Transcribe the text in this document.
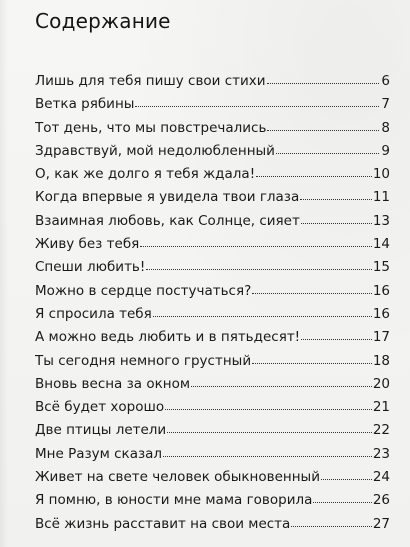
Содержание
Лишь для тебя пишу свои стихи	6
Ветка рябины	7
Тот день, что мы повстречались	8
Здравствуй, мой недолюбленный	9
О, как же долго я тебя ждала!	10
Когда впервые я увидела твои глаза	11
Взаимная любовь, как Солнце, сияет	13
Живу без тебя	14
Спеши любить!	15
Можно в сердце постучаться?	16
Я спросила тебя	16
А можно ведь любить и в пятьдесят!	17
Ты сегодня немного грустный	18
Вновь весна за окном	20
Всё будет хорошо	21
Две птицы летели	22
Мне Разум сказал	23
Живет на свете человек обыкновенный	24
Я помню, в юности мне мама говорила	26
Всё жизнь расставит на свои места	27
